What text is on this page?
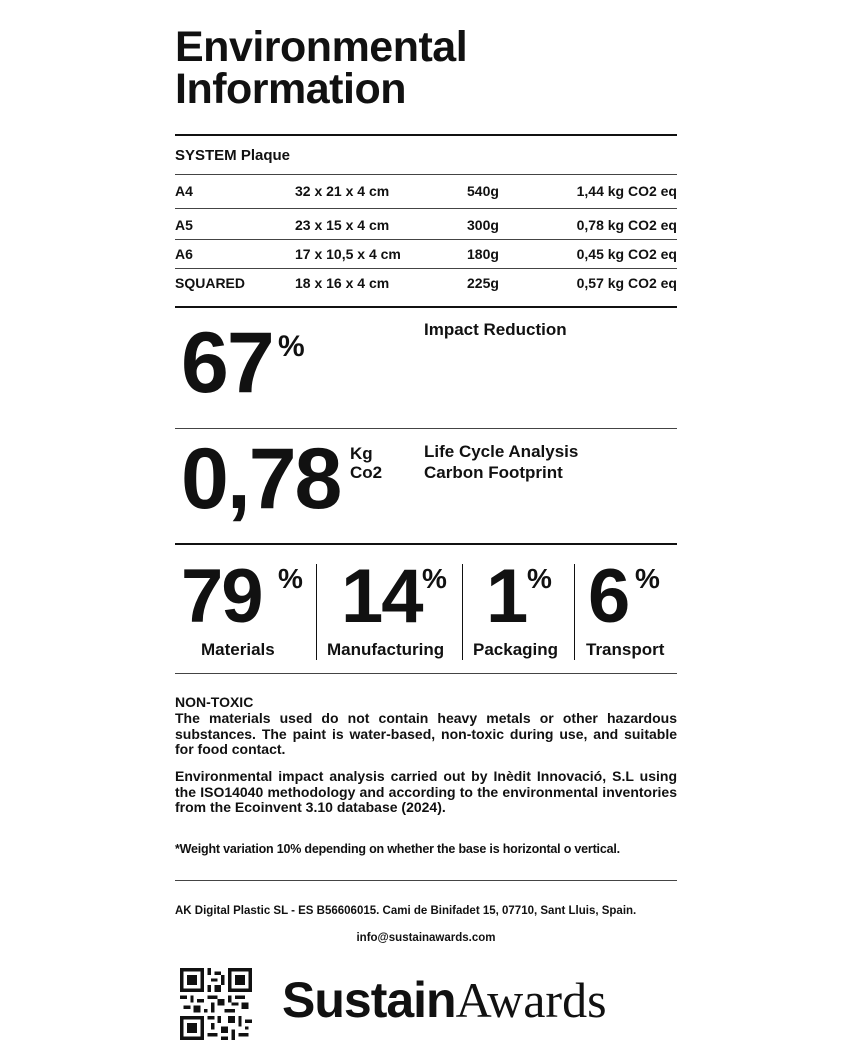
Environmental
Information
SYSTEM Plaque
A4	32 x 21 x 4 cm	540g	1,44 kg CO2 eq
A5	23 x 15 x 4 cm	300g	0,78 kg CO2 eq
A6	17 x 10,5 x 4 cm	180g	0,45 kg CO2 eq
SQUARED	18 x 16 x 4 cm	225g	0,57 kg CO2 eq
67 %
Impact Reduction
0,78 Kg
Co2
Life Cycle Analysis
Carbon Footprint
79 %
Materials
14 %
Manufacturing
1 %
Packaging
6 %
Transport
NON-TOXIC
The materials used do not contain heavy metals or other hazardous substances. The paint is water-based, non-toxic during use, and suitable for food contact.
Environmental impact analysis carried out by Inèdit Innovació, S.L using the ISO14040 methodology and according to the environmental inventories from the Ecoinvent 3.10 database (2024).
*Weight variation 10% depending on whether the base is horizontal o vertical.
AK Digital Plastic SL - ES B56606015. Cami de Binifadet 15, 07710, Sant Lluis, Spain.
info@sustainawards.com
SustainAwards
